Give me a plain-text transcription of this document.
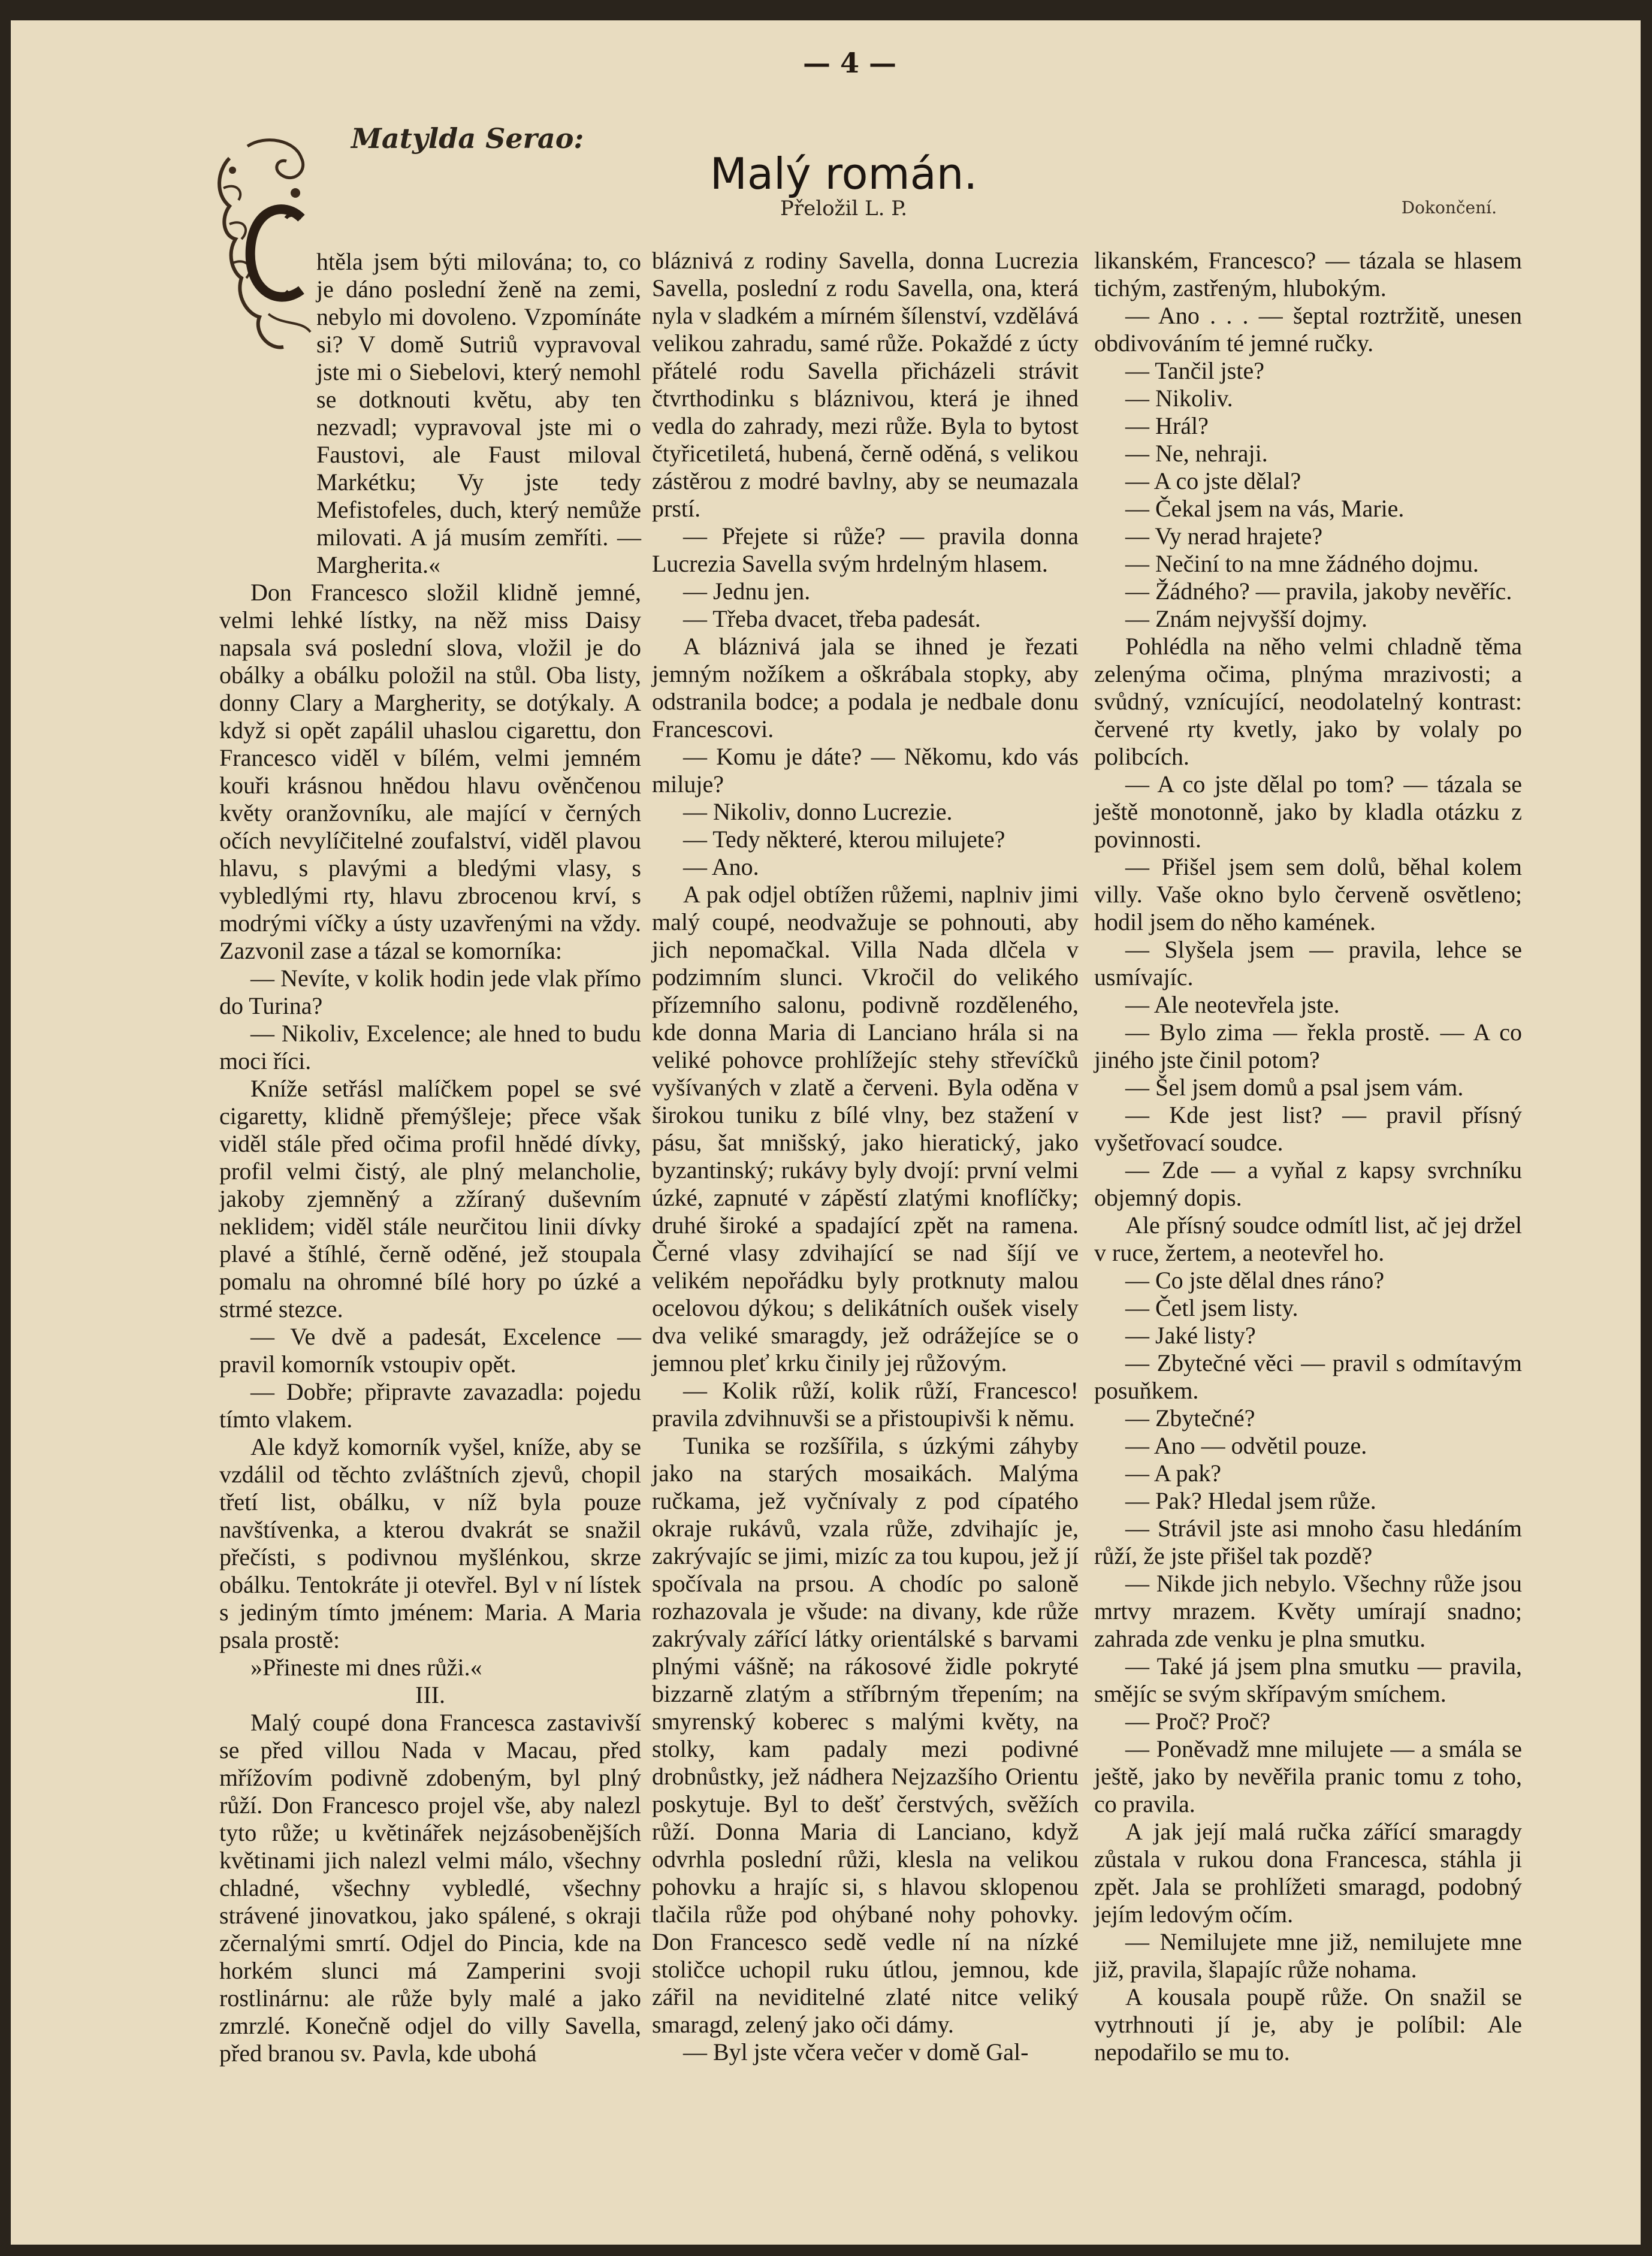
— 4 —
Matylda Serao:
Malý román.
Přeložil L. P.	Dokončení.

htěla jsem býti milována; to, co je dáno poslední ženě na zemi, nebylo mi dovoleno. Vzpomínáte si? V domě Sutriů vypravoval jste mi o Siebelovi, který nemohl se dotknouti květu, aby ten nezvadl; vypravoval jste mi o Faustovi, ale Faust miloval Markétku; Vy jste tedy Mefistofeles, duch, který nemůže milovati. A já musím zemříti. — Margherita.«

Don Francesco složil klidně jemné, velmi lehké lístky, na něž miss Daisy napsala svá poslední slova, vložil je do obálky a obálku položil na stůl. Oba listy, donny Clary a Margherity, se dotýkaly. A když si opět zapálil uhaslou cigarettu, don Francesco viděl v bílém, velmi jemném kouři krásnou hnědou hlavu ověnčenou květy oranžovníku, ale mající v černých očích nevylíčitelné zoufalství, viděl plavou hlavu, s plavými a bledými vlasy, s vybledlými rty, hlavu zbrocenou krví, s modrými víčky a ústy uzavřenými na vždy. Zazvonil zase a tázal se komorníka:

— Nevíte, v kolik hodin jede vlak přímo do Turina?

— Nikoliv, Excelence; ale hned to budu moci říci.

Kníže setřásl malíčkem popel se své cigaretty, klidně přemýšleje; přece však viděl stále před očima profil hnědé dívky, profil velmi čistý, ale plný melancholie, jakoby zjemněný a zžíraný duševním neklidem; viděl stále neurčitou linii dívky plavé a štíhlé, černě oděné, jež stoupala pomalu na ohromné bílé hory po úzké a strmé stezce.

— Ve dvě a padesát, Excelence — pravil komorník vstoupiv opět.

— Dobře; připravte zavazadla: pojedu tímto vlakem.

Ale když komorník vyšel, kníže, aby se vzdálil od těchto zvláštních zjevů, chopil třetí list, obálku, v níž byla pouze navštívenka, a kterou dvakrát se snažil přečísti, s podivnou myšlénkou, skrze obálku. Tentokráte ji otevřel. Byl v ní lístek s jediným tímto jménem: Maria. A Maria psala prostě:

»Přineste mi dnes růži.«

III.

Malý coupé dona Francesca zastavivší se před villou Nada v Macau, před mřížovím podivně zdobeným, byl plný růží. Don Francesco projel vše, aby nalezl tyto růže; u květinářek nejzásobenějších květinami jich nalezl velmi málo, všechny chladné, všechny vybledlé, všechny strávené jinovatkou, jako spálené, s okraji zčernalými smrtí. Odjel do Pincia, kde na horkém slunci má Zamperini svoji rostlinárnu: ale růže byly malé a jako zmrzlé. Konečně odjel do villy Savella, před branou sv. Pavla, kde ubohá

bláznivá z rodiny Savella, donna Lucrezia Savella, poslední z rodu Savella, ona, která nyla v sladkém a mírném šílenství, vzdělává velikou zahradu, samé růže. Pokaždé z úcty přátelé rodu Savella přicházeli strávit čtvrthodinku s bláznivou, která je ihned vedla do zahrady, mezi růže. Byla to bytost čtyřicetiletá, hubená, černě oděná, s velikou zástěrou z modré bavlny, aby se neumazala prstí.

— Přejete si růže? — pravila donna Lucrezia Savella svým hrdelným hlasem.

— Jednu jen.

— Třeba dvacet, třeba padesát.

A bláznivá jala se ihned je řezati jemným nožíkem a oškrábala stopky, aby odstranila bodce; a podala je nedbale donu Francescovi.

— Komu je dáte? — Někomu, kdo vás miluje?

— Nikoliv, donno Lucrezie.

— Tedy některé, kterou milujete?

— Ano.

A pak odjel obtížen růžemi, naplniv jimi malý coupé, neodvažuje se pohnouti, aby jich nepomačkal. Villa Nada dlčela v podzimním slunci. Vkročil do velikého přízemního salonu, podivně rozděleného, kde donna Maria di Lanciano hrála si na veliké pohovce prohlížejíc stehy střevíčků vyšívaných v zlatě a červeni. Byla oděna v širokou tuniku z bílé vlny, bez stažení v pásu, šat mnišský, jako hieratický, jako byzantinský; rukávy byly dvojí: první velmi úzké, zapnuté v zápěstí zlatými knoflíčky; druhé široké a spadající zpět na ramena. Černé vlasy zdvihající se nad šíjí ve velikém nepořádku byly protknuty malou ocelovou dýkou; s delikátních oušek visely dva veliké smaragdy, jež odrážejíce se o jemnou pleť krku činily jej růžovým.

— Kolik růží, kolik růží, Francesco! pravila zdvihnuvši se a přistoupivši k němu.

Tunika se rozšířila, s úzkými záhyby jako na starých mosaikách. Malýma ručkama, jež vyčnívaly z pod cípatého okraje rukávů, vzala růže, zdvihajíc je, zakrývajíc se jimi, mizíc za tou kupou, jež jí spočívala na prsou. A chodíc po saloně rozhazovala je všude: na divany, kde růže zakrývaly zářící látky orientálské s barvami plnými vášně; na rákosové židle pokryté bizzarně zlatým a stříbrným třepením; na smyrenský koberec s malými květy, na stolky, kam padaly mezi podivné drobnůstky, jež nádhera Nejzazšího Orientu poskytuje. Byl to dešť čerstvých, svěžích růží. Donna Maria di Lanciano, když odvrhla poslední růži, klesla na velikou pohovku a hrajíc si, s hlavou sklopenou tlačila růže pod ohýbané nohy pohovky. Don Francesco sedě vedle ní na nízké stoličce uchopil ruku útlou, jemnou, kde zářil na neviditelné zlaté nitce veliký smaragd, zelený jako oči dámy.

— Byl jste včera večer v domě Gal-

likanském, Francesco? — tázala se hlasem tichým, zastřeným, hlubokým.

— Ano . . . — šeptal roztržitě, unesen obdivováním té jemné ručky.

— Tančil jste?

— Nikoliv.

— Hrál?

— Ne, nehraji.

— A co jste dělal?

— Čekal jsem na vás, Marie.

— Vy nerad hrajete?

— Nečiní to na mne žádného dojmu.

— Žádného? — pravila, jakoby nevěříc.

— Znám nejvyšší dojmy.

Pohlédla na něho velmi chladně těma zelenýma očima, plnýma mrazivosti; a svůdný, vznícující, neodolatelný kontrast: červené rty kvetly, jako by volaly po polibcích.

— A co jste dělal po tom? — tázala se ještě monotonně, jako by kladla otázku z povinnosti.

— Přišel jsem sem dolů, běhal kolem villy. Vaše okno bylo červeně osvětleno; hodil jsem do něho kamének.

— Slyšela jsem — pravila, lehce se usmívajíc.

— Ale neotevřela jste.

— Bylo zima — řekla prostě. — A co jiného jste činil potom?

— Šel jsem domů a psal jsem vám.

— Kde jest list? — pravil přísný vyšetřovací soudce.

— Zde — a vyňal z kapsy svrchníku objemný dopis.

Ale přísný soudce odmítl list, ač jej držel v ruce, žertem, a neotevřel ho.

— Co jste dělal dnes ráno?

— Četl jsem listy.

— Jaké listy?

— Zbytečné věci — pravil s odmítavým posuňkem.

— Zbytečné?

— Ano — odvětil pouze.

— A pak?

— Pak? Hledal jsem růže.

— Strávil jste asi mnoho času hledáním růží, že jste přišel tak pozdě?

— Nikde jich nebylo. Všechny růže jsou mrtvy mrazem. Květy umírají snadno; zahrada zde venku je plna smutku.

— Také já jsem plna smutku — pravila, smějíc se svým skřípavým smíchem.

— Proč? Proč?

— Poněvadž mne milujete — a smála se ještě, jako by nevěřila pranic tomu z toho, co pravila.

A jak její malá ručka zářící smaragdy zůstala v rukou dona Francesca, stáhla ji zpět. Jala se prohlížeti smaragd, podobný jejím ledovým očím.

— Nemilujete mne již, nemilujete mne již, pravila, šlapajíc růže nohama.

A kousala poupě růže. On snažil se vytrhnouti jí je, aby je políbil: Ale nepodařilo se mu to.
